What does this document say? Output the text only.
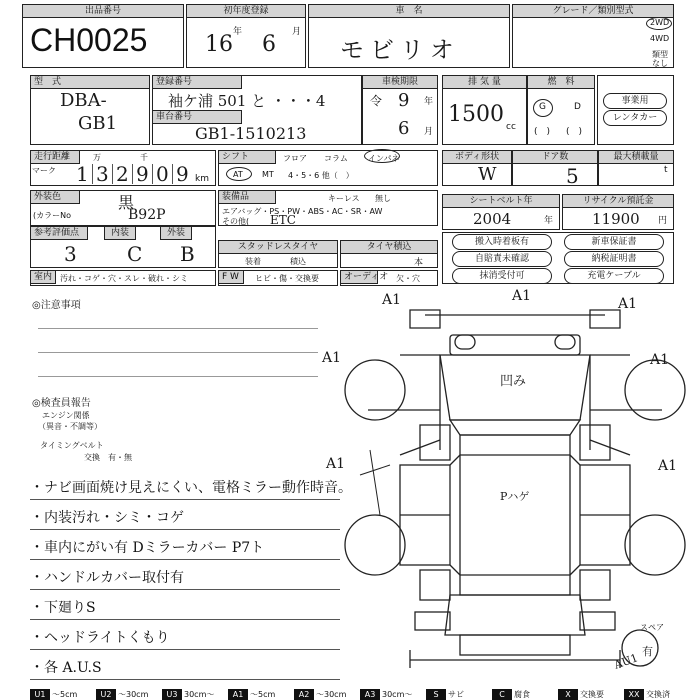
出品番号
CH0025
初年度登録
16 年 6 月
車　名
モビリオ
グレード／類別型式
2WD
4WD
類型なし
型　式
DBA-
GB1
登録番号
袖ケ浦 501 と ・・・4
車台番号
GB1-1510213
車検期限
令 9 年
6 月
排 気 量
1500 cc
燃　料
G	D
(　) (　)
事業用
レンタカー
走行距離
マーク
万	千
1 3 2 9 0 9 km
シフト	フロア コラム	インパネ
AT MT 4・5・6 他（　）
ボディ形状
W
ドア数
5
最大積載量
t
外装色	黒
(カラーNo	B92P
装備品	キーレス 無し
エアバッグ・PS・PW・ABS・AC・SR・AW
その他( ETC
シートベルト年
2004	年
リサイクル預託金
11900 円
参考評価点
3
内装
C
外装
B	スタッドレスタイヤ
装着	積込
タイヤ積込
本
搬入時着板有	新車保証書
自賠責未確認	納税証明書
抹消受付可	充電ケーブル
室内 汚れ・コゲ・穴・スレ・破れ・シミ	F W	ヒビ・傷・交換要	オーディオ 欠・穴
◎注意事項
◎検査員報告
エンジン関係
（異音・不調等）
タイミングベルト
交換　有・無
・ナビ画面焼け見えにくい、電格ミラー動作時音。
・内装汚れ・シミ・コゲ
・車内にがい有 Dミラーカバー P7ト
・ハンドルカバー取付有
・下廻りS
・ヘッドライトくもり
・各 A.U.S
A1	A1	A1
A1	A1
A1	A1
凹み
Pハゲ
AU1
スペア
有
U1 ～5cm	U2 ～30cm	U3 30cm～	A1 ～5cm	A2 ～30cm	A3 30cm～	S	サビ	C	腐食	X	交換要	XX 交換済
